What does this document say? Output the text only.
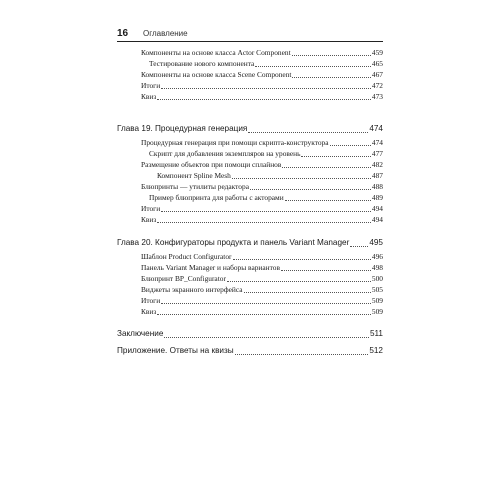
16	Оглавление
Компоненты на основе класса Actor Component	459
Тестирование нового компонента	465
Компоненты на основе класса Scene Component	467
Итоги	472
Квиз	473
Глава 19. Процедурная генерация	474
Процедурная генерация при помощи скрипта-конструктора	474
Скрипт для добавления экземпляров на уровень	477
Размещение объектов при помощи сплайнов	482
Компонент Spline Mesh	487
Блюпринты — утилиты редактора	488
Пример блюпринта для работы с акторами	489
Итоги	494
Квиз	494
Глава 20. Конфигураторы продукта и панель Variant Manager 495
Шаблон Product Configurator	496
Панель Variant Manager и наборы вариантов	498
Блюпринт BP_Configurator	500
Виджеты экранного интерфейса	505
Итоги	509
Квиз	509
Заключение	511
Приложение. Ответы на квизы	512
